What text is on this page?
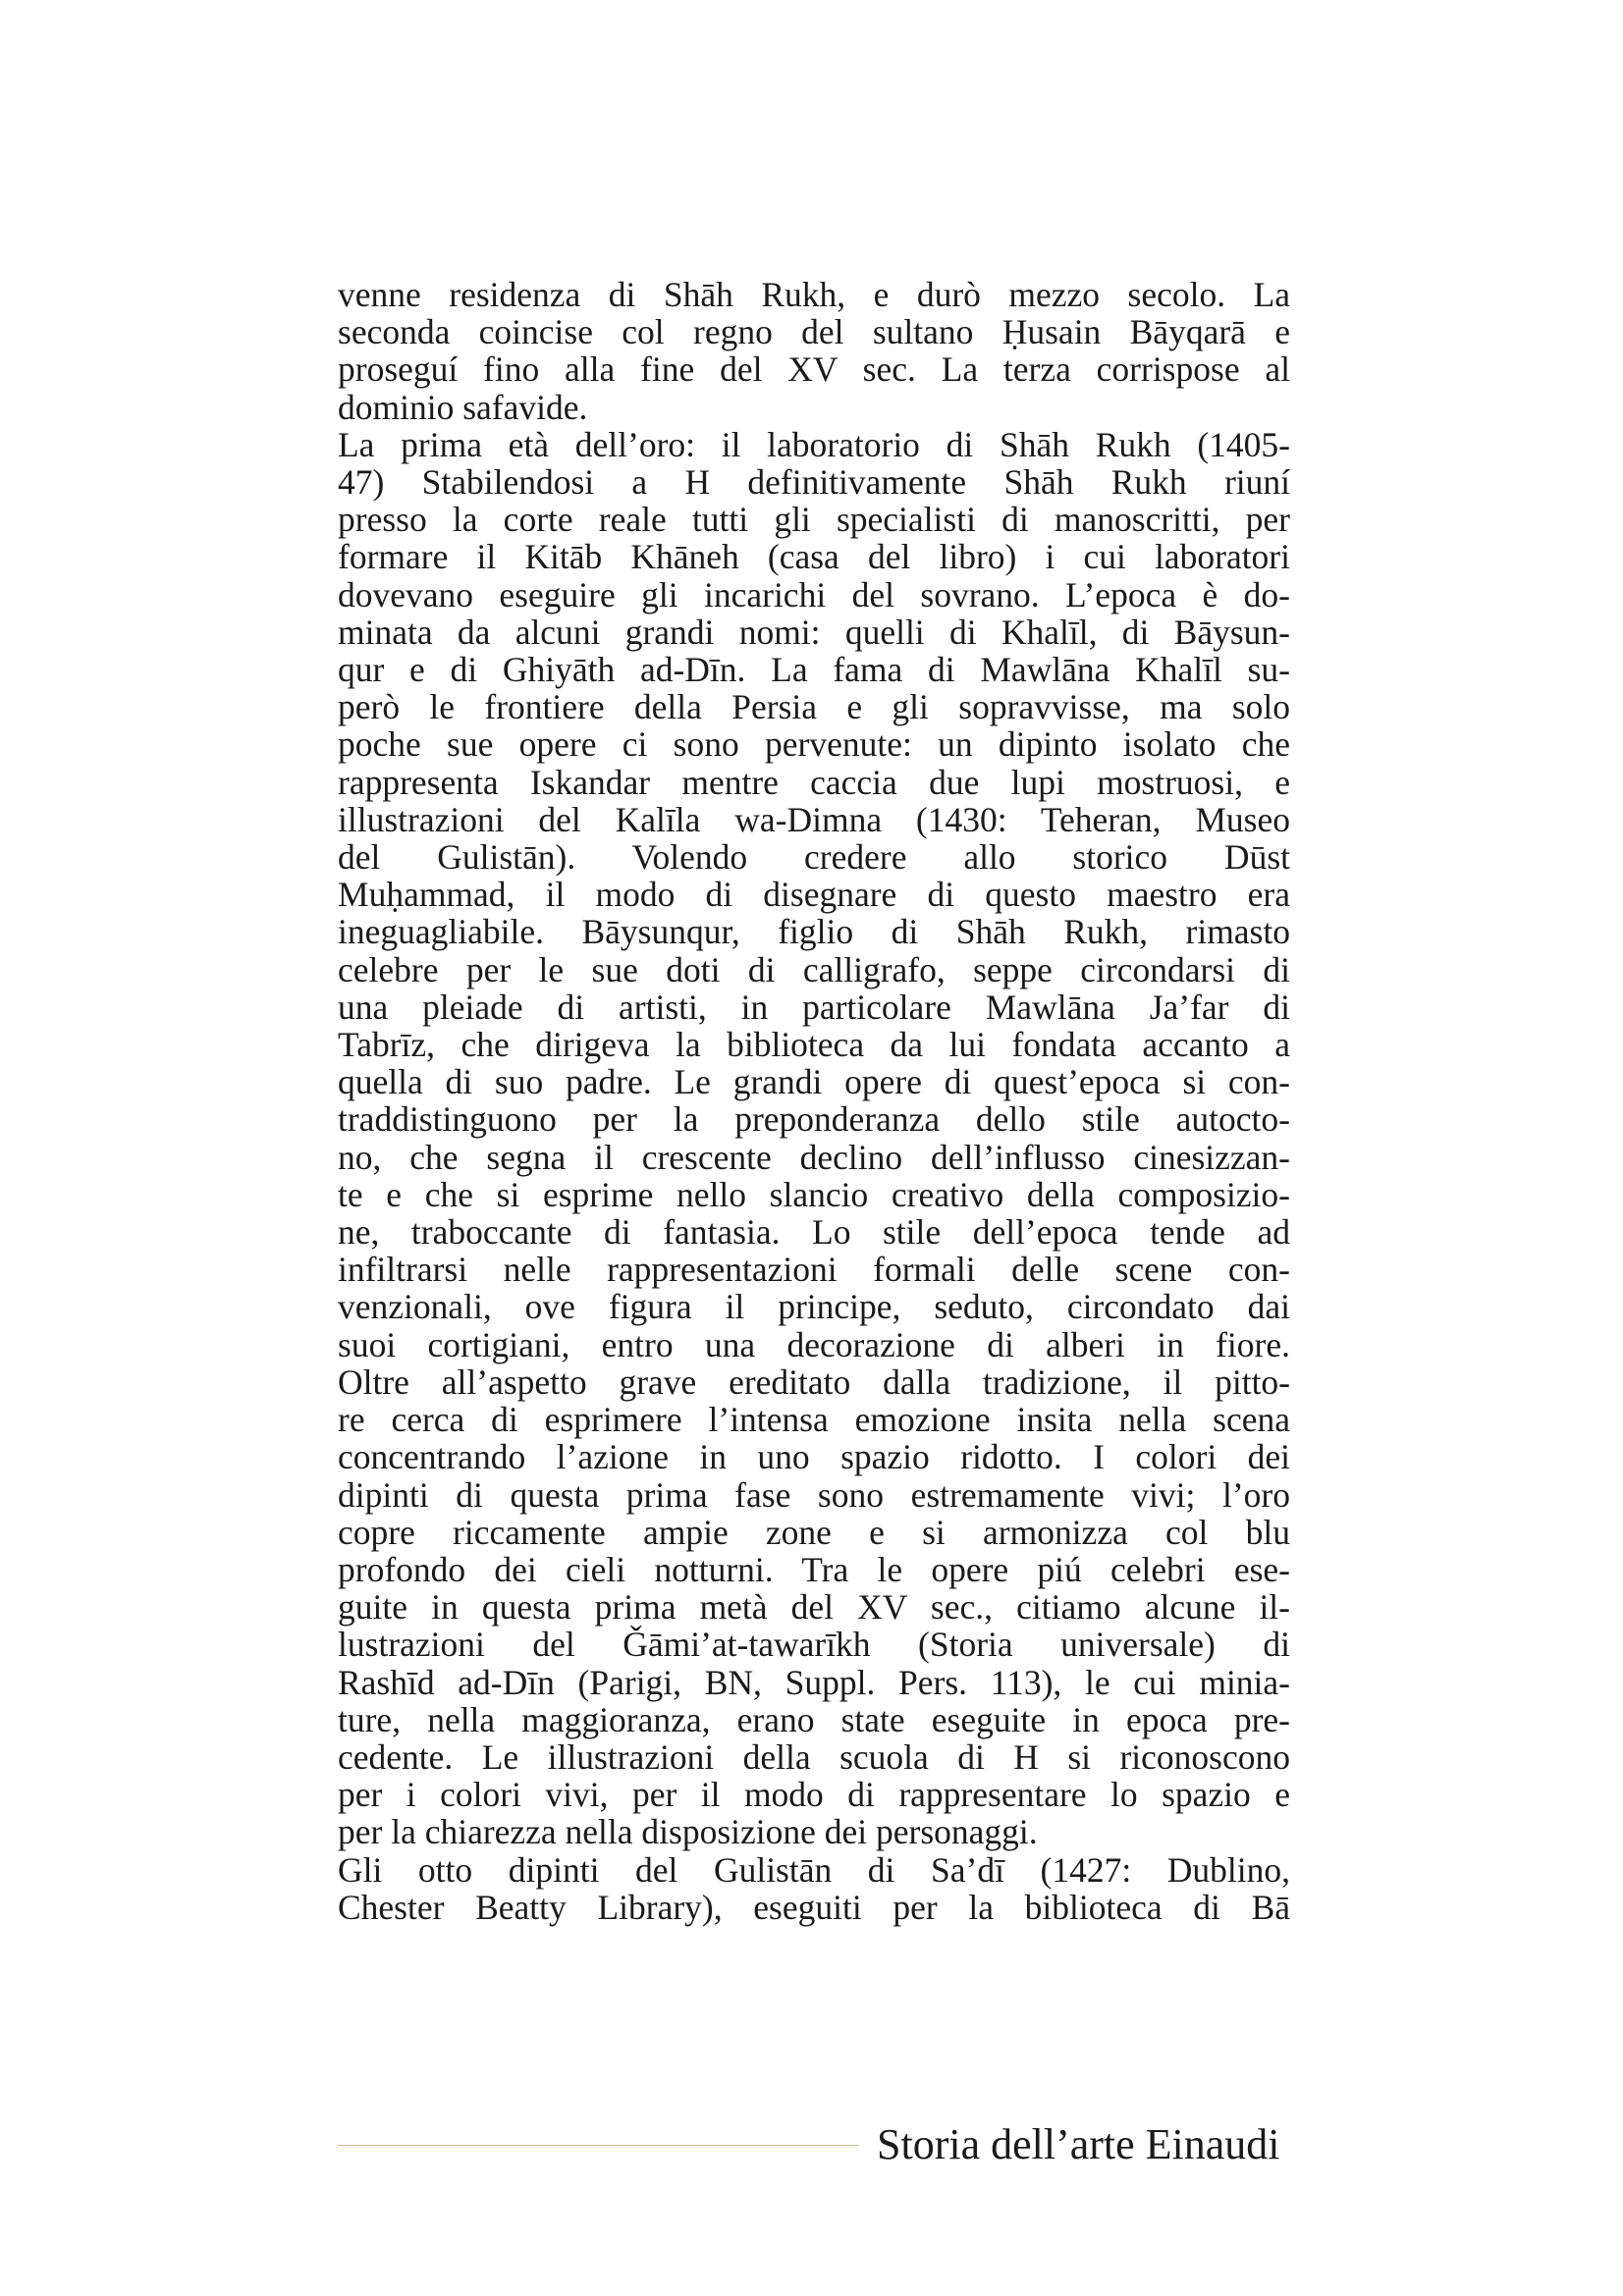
venne residenza di Shāh Rukh, e durò mezzo secolo. La
seconda coincise col regno del sultano Ḥusain Bāyqarā e
proseguí fino alla fine del XV sec. La terza corrispose al
dominio safavide.
La prima età dell’oro: il laboratorio di Shāh Rukh (1405-
47) Stabilendosi a H definitivamente Shāh Rukh riuní
presso la corte reale tutti gli specialisti di manoscritti, per
formare il Kitāb Khāneh (casa del libro) i cui laboratori
dovevano eseguire gli incarichi del sovrano. L’epoca è do-
minata da alcuni grandi nomi: quelli di Khalīl, di Bāysun-
qur e di Ghiyāth ad-Dīn. La fama di Mawlāna Khalīl su-
però le frontiere della Persia e gli sopravvisse, ma solo
poche sue opere ci sono pervenute: un dipinto isolato che
rappresenta Iskandar mentre caccia due lupi mostruosi, e
illustrazioni del Kalīla wa-Dimna (1430: Teheran, Museo
del Gulistān). Volendo credere allo storico Dūst
Muḥammad, il modo di disegnare di questo maestro era
ineguagliabile. Bāysunqur, figlio di Shāh Rukh, rimasto
celebre per le sue doti di calligrafo, seppe circondarsi di
una pleiade di artisti, in particolare Mawlāna Ja’far di
Tabrīz, che dirigeva la biblioteca da lui fondata accanto a
quella di suo padre. Le grandi opere di quest’epoca si con-
traddistinguono per la preponderanza dello stile autocto-
no, che segna il crescente declino dell’influsso cinesizzan-
te e che si esprime nello slancio creativo della composizio-
ne, traboccante di fantasia. Lo stile dell’epoca tende ad
infiltrarsi nelle rappresentazioni formali delle scene con-
venzionali, ove figura il principe, seduto, circondato dai
suoi cortigiani, entro una decorazione di alberi in fiore.
Oltre all’aspetto grave ereditato dalla tradizione, il pitto-
re cerca di esprimere l’intensa emozione insita nella scena
concentrando l’azione in uno spazio ridotto. I colori dei
dipinti di questa prima fase sono estremamente vivi; l’oro
copre riccamente ampie zone e si armonizza col blu
profondo dei cieli notturni. Tra le opere piú celebri ese-
guite in questa prima metà del XV sec., citiamo alcune il-
lustrazioni del Ǧāmi’at-tawarīkh (Storia universale) di
Rashīd ad-Dīn (Parigi, BN, Suppl. Pers. 113), le cui minia-
ture, nella maggioranza, erano state eseguite in epoca pre-
cedente. Le illustrazioni della scuola di H si riconoscono
per i colori vivi, per il modo di rappresentare lo spazio e
per la chiarezza nella disposizione dei personaggi.
Gli otto dipinti del Gulistān di Sa’dī (1427: Dublino,
Chester Beatty Library), eseguiti per la biblioteca di Bā
Storia dell’arte Einaudi
